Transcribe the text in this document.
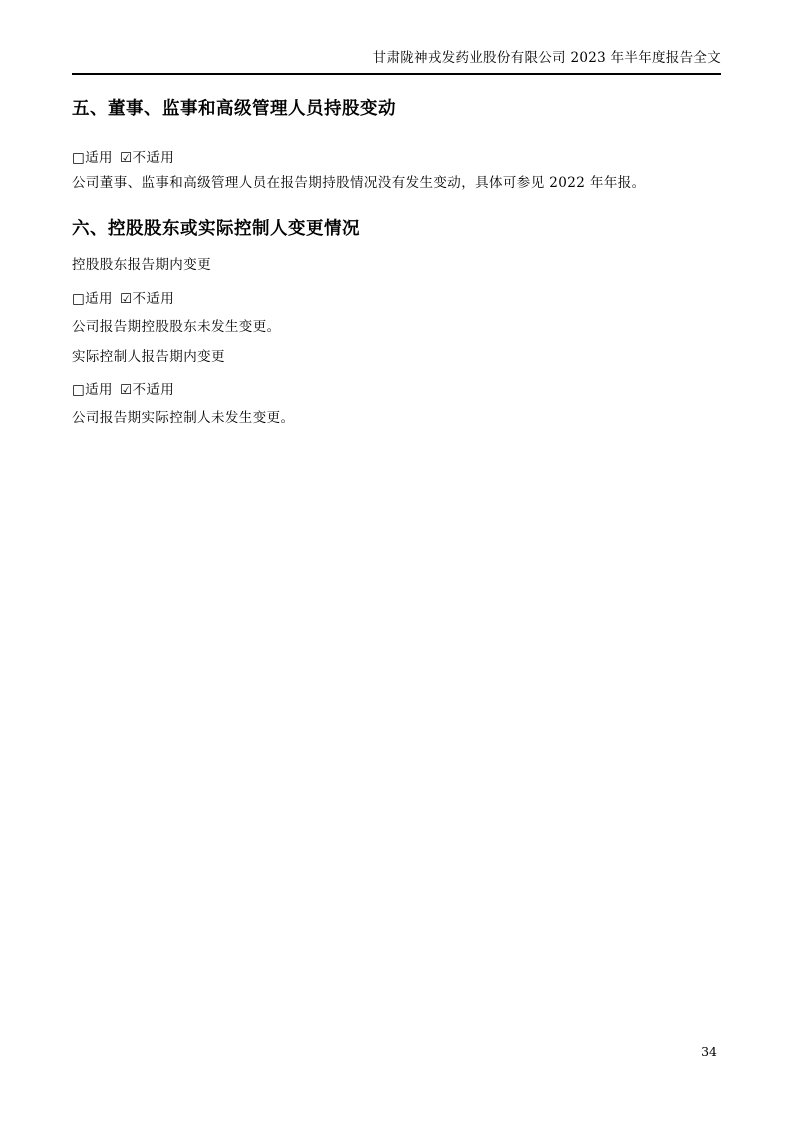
甘肃陇神戎发药业股份有限公司 2023 年半年度报告全文
五、董事、监事和高级管理人员持股变动

□适用 ☑不适用

公司董事、监事和高级管理人员在报告期持股情况没有发生变动，具体可参见 2022 年年报。

六、控股股东或实际控制人变更情况

控股股东报告期内变更

□适用 ☑不适用

公司报告期控股股东未发生变更。

实际控制人报告期内变更

□适用 ☑不适用

公司报告期实际控制人未发生变更。

34
